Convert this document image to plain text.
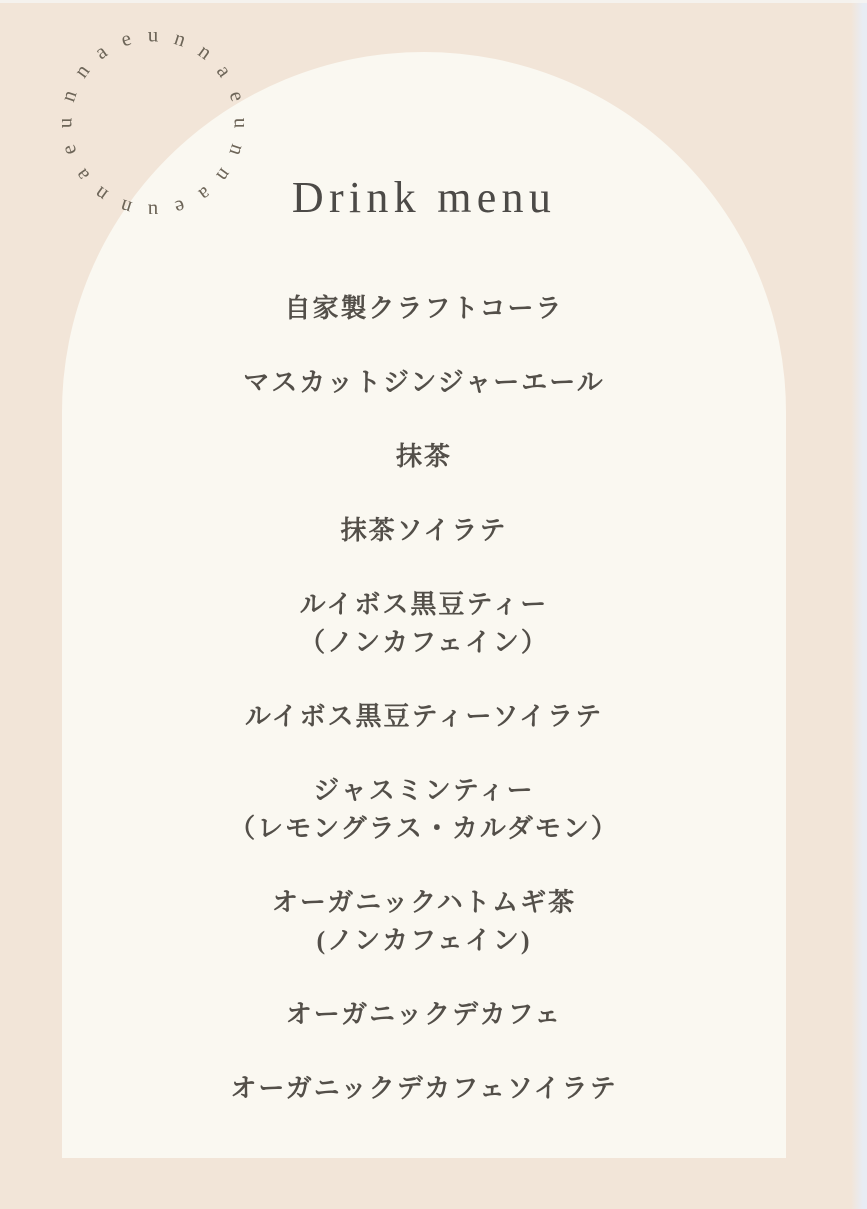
Drink menu
自家製クラフトコーラ
マスカットジンジャーエール
抹茶
抹茶ソイラテ
ルイボス黒豆ティー
（ノンカフェイン）
ルイボス黒豆ティーソイラテ
ジャスミンティー
（レモングラス・カルダモン）
オーガニックハトムギ茶
(ノンカフェイン)
オーガニックデカフェ
オーガニックデカフェソイラテ
u
n
n
a e u n n
a
e
u
n
n
a
e
u
n
n
a
e
